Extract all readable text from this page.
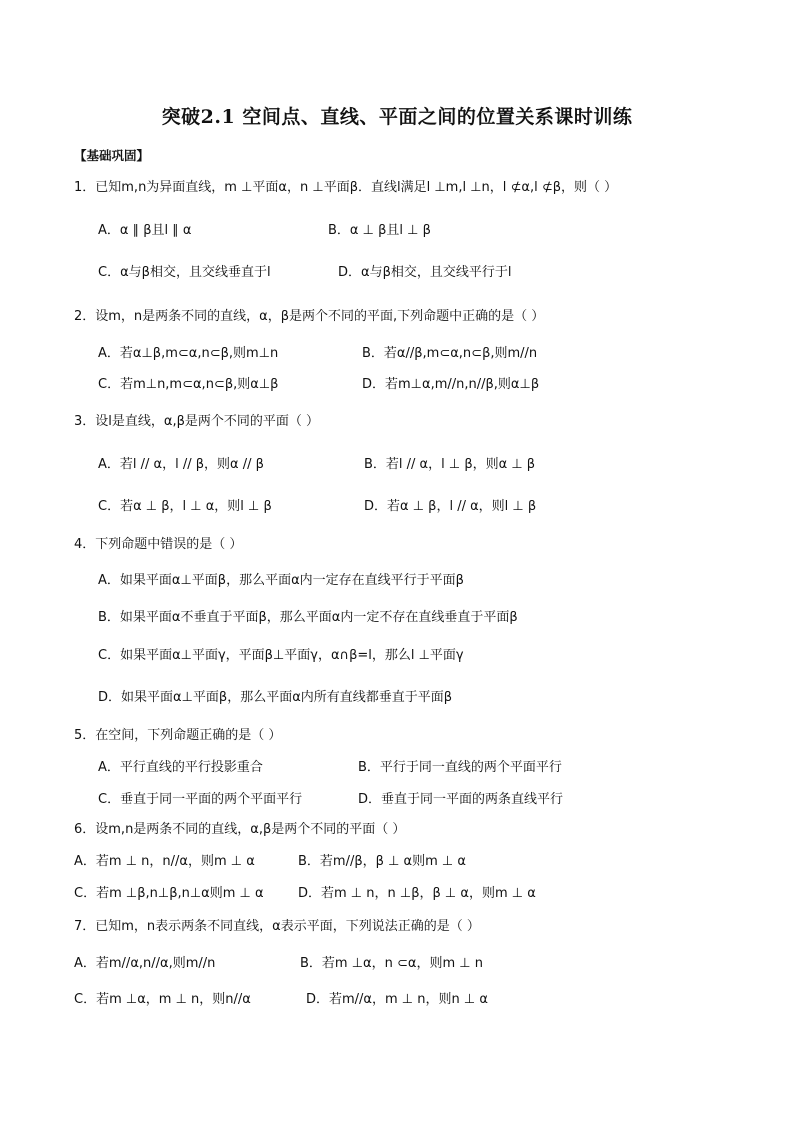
突破2.1 空间点、直线、平面之间的位置关系课时训练
【基础巩固】
1．已知m,n为异面直线，m ⊥平面α，n ⊥平面β．直线l满足l ⊥m,l ⊥n，l ⊄α,l ⊄β，则（ ）
A．α ∥ β且l ∥ α	B．α ⊥ β且l ⊥ β
C．α与β相交，且交线垂直于l	D．α与β相交，且交线平行于l
2．设m，n是两条不同的直线，α，β是两个不同的平面,下列命题中正确的是（ ）
A．若α⊥β,m⊂α,n⊂β,则m⊥n	B．若α//β,m⊂α,n⊂β,则m//n
C．若m⊥n,m⊂α,n⊂β,则α⊥β	D．若m⊥α,m//n,n//β,则α⊥β
3．设l是直线，α,β是两个不同的平面（ ）
A．若l // α，l // β，则α // β	B．若l // α，l ⊥ β，则α ⊥ β
C．若α ⊥ β，l ⊥ α，则l ⊥ β	D．若α ⊥ β，l // α，则l ⊥ β
4．下列命题中错误的是（ ）
A．如果平面α⊥平面β，那么平面α内一定存在直线平行于平面β
B．如果平面α不垂直于平面β，那么平面α内一定不存在直线垂直于平面β
C．如果平面α⊥平面γ，平面β⊥平面γ，α∩β=l，那么l ⊥平面γ
D．如果平面α⊥平面β，那么平面α内所有直线都垂直于平面β
5．在空间，下列命题正确的是（ ）
A．平行直线的平行投影重合	B．平行于同一直线的两个平面平行
C．垂直于同一平面的两个平面平行	D．垂直于同一平面的两条直线平行
6．设m,n是两条不同的直线，α,β是两个不同的平面（ ）
A．若m ⊥ n，n//α，则m ⊥ α	B．若m//β，β ⊥ α则m ⊥ α
C．若m ⊥β,n⊥β,n⊥α则m ⊥ α	D．若m ⊥ n，n ⊥β，β ⊥ α，则m ⊥ α
7．已知m，n表示两条不同直线，α表示平面，下列说法正确的是（ ）
A．若m//α,n//α,则m//n	B．若m ⊥α，n ⊂α，则m ⊥ n
C．若m ⊥α，m ⊥ n，则n//α	D．若m//α，m ⊥ n，则n ⊥ α
